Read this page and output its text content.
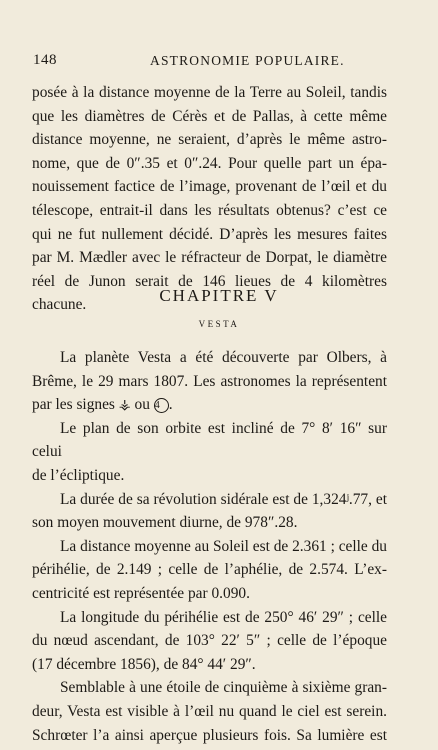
148	ASTRONOMIE POPULAIRE.

posée à la distance moyenne de la Terre au Soleil, tandis

que les diamètres de Cérès et de Pallas, à cette même

distance moyenne, ne seraient, d’après le même astro-

nome, que de 0″.35 et 0″.24. Pour quelle part un épa-

nouissement factice de l’image, provenant de l’œil et du

télescope, entrait-il dans les résultats obtenus? c’est ce

qui ne fut nullement décidé. D’après les mesures faites

par M. Mædler avec le réfracteur de Dorpat, le diamètre

réel de Junon serait de 146 lieues de 4 kilomètres chacune.	CHAPITRE V
VESTA

La planète Vesta a été découverte par Olbers, à

Brême, le 29 mars 1807. Les astronomes la représentent

par les signes ⚶ ou 4 .

Le plan de son orbite est incliné de 7° 8′ 16″ sur celui

de l’écliptique.

La durée de sa révolution sidérale est de 1,324ʲ.77, et

son moyen mouvement diurne, de 978″.28.

La distance moyenne au Soleil est de 2.361 ; celle du

périhélie, de 2.149 ; celle de l’aphélie, de 2.574. L’ex-

centricité est représentée par 0.090.

La longitude du périhélie est de 250° 46′ 29″ ; celle

du nœud ascendant, de 103° 22′ 5″ ; celle de l’époque

(17 décembre 1856), de 84° 44′ 29″.

Semblable à une étoile de cinquième à sixième gran-

deur, Vesta est visible à l’œil nu quand le ciel est serein.

Schrœter l’a ainsi aperçue plusieurs fois. Sa lumière est
